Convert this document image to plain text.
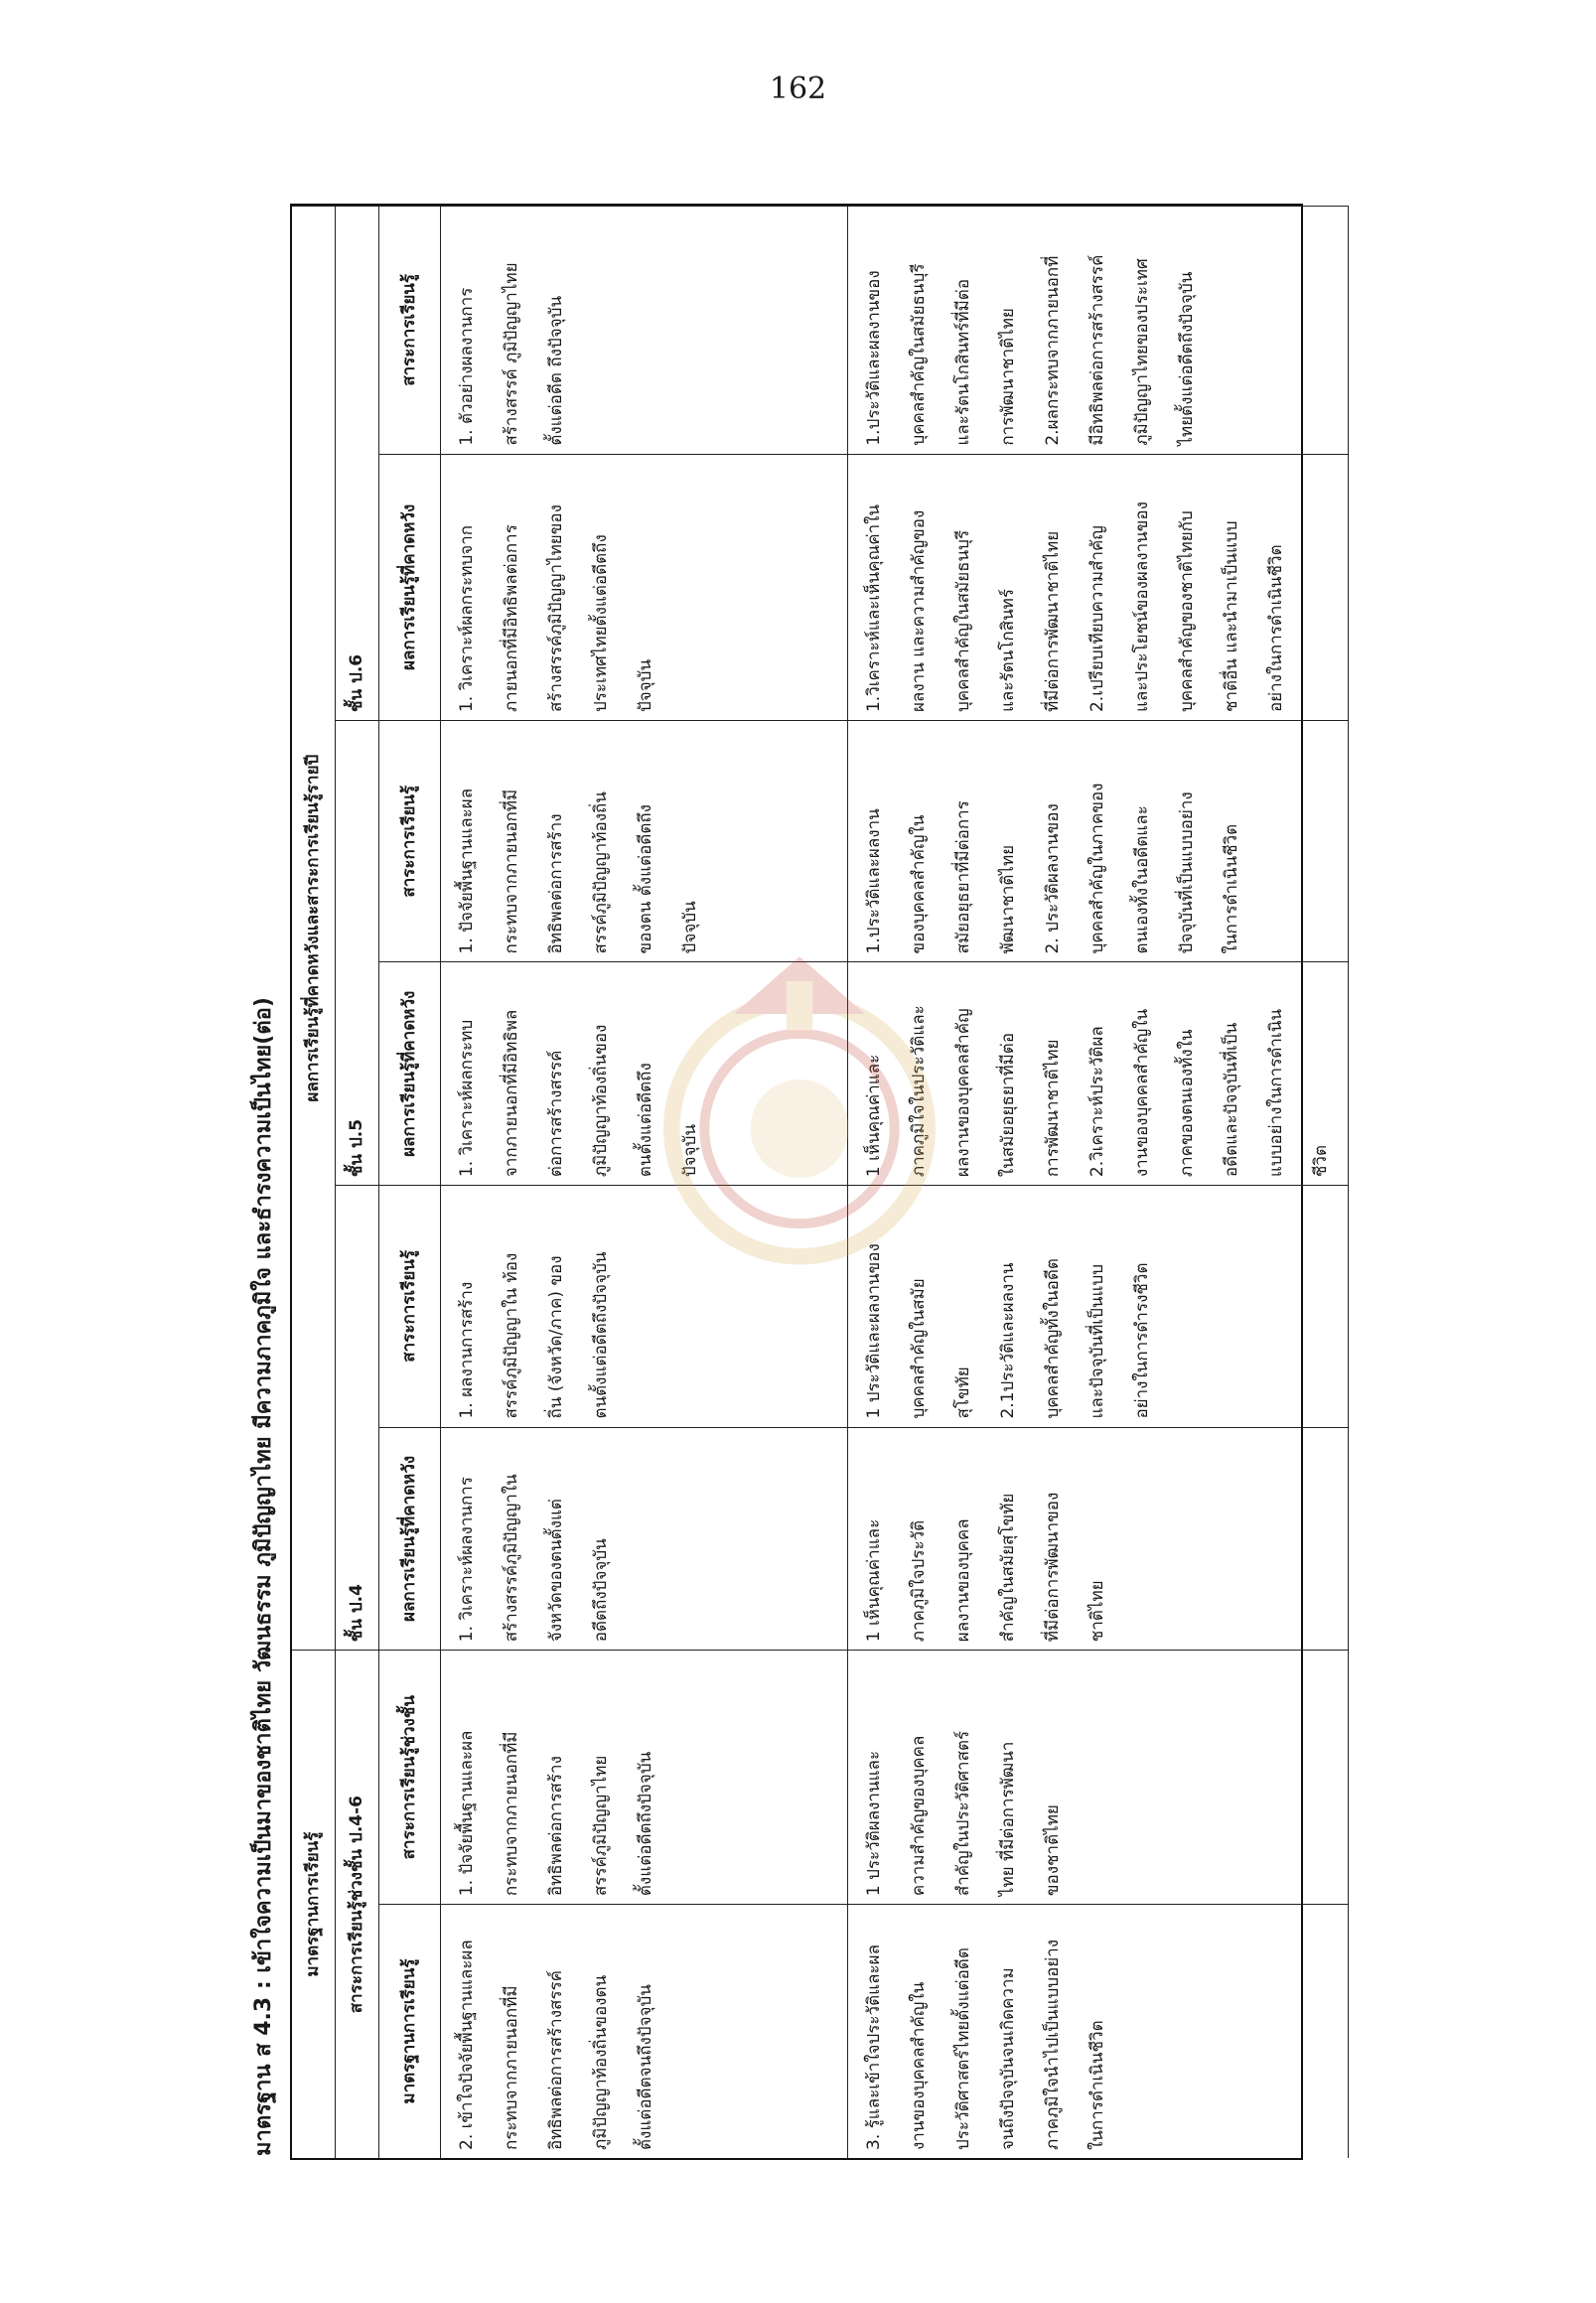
162
มาตรฐาน ส 4.3 : เข้าใจความเป็นมาของชาติไทย วัฒนธรรม ภูมิปัญญาไทย มีความภาคภูมิใจ และธำรงความเป็นไทย(ต่อ)	มาตรฐานการเรียนรู้
ผลการเรียนรู้ที่คาดหวังและสาระการเรียนรู้รายปี
สาระการเรียนรู้ช่วงชั้น ป.4-6
ชั้น ป.4
ชั้น ป.5
ชั้น ป.6
มาตรฐานการเรียนรู้
สาระการเรียนรู้ช่วงชั้น
ผลการเรียนรู้ที่คาดหวัง
สาระการเรียนรู้
ผลการเรียนรู้ที่คาดหวัง
สาระการเรียนรู้
ผลการเรียนรู้ที่คาดหวัง
สาระการเรียนรู้
2. เข้าใจปัจจัยพื้นฐานและผล
กระทบจากภายนอกที่มี
อิทธิพลต่อการสร้างสรรค์
ภูมิปัญญาท้องถิ่นของตน
ตั้งแต่อดีตจนถึงปัจจุบัน
1. ปัจจัยพื้นฐานและผล
กระทบจากภายนอกที่มี
อิทธิพลต่อการสร้าง
สรรค์ภูมิปัญญาไทย
ตั้งแต่อดีตถึงปัจจุบัน
1. วิเคราะห์ผลงานการ
สร้างสรรค์ภูมิปัญญาใน
จังหวัดของตนตั้งแต่
อดีตถึงปัจจุบัน
1. ผลงานการสร้าง
สรรค์ภูมิปัญญาใน ท้อง
ถิ่น (จังหวัด/ภาค) ของ
ตนตั้งแต่อดีตถึงปัจจุบัน
1. วิเคราะห์ผลกระทบ
จากภายนอกที่มีอิทธิพล
ต่อการสร้างสรรค์
ภูมิปัญญาท้องถิ่นของ
ตนตั้งแต่อดีตถึง
ปัจจุบัน
1. ปัจจัยพื้นฐานและผล
กระทบจากภายนอกที่มี
อิทธิพลต่อการสร้าง
สรรค์ภูมิปัญญาท้องถิ่น
ของตน ตั้งแต่อดีตถึง
ปัจจุบัน
1. วิเคราะห์ผลกระทบจาก
ภายนอกที่มีอิทธิพลต่อการ
สร้างสรรค์ภูมิปัญญาไทยของ
ประเทศไทยตั้งแต่อดีตถึง
ปัจจุบัน
1. ตัวอย่างผลงานการ
สร้างสรรค์ ภูมิปัญญาไทย
ตั้งแต่อดีต ถึงปัจจุบัน
3. รู้และเข้าใจประวัติและผล
งานของบุคคลสำคัญใน
ประวัติศาสตร์ไทยตั้งแต่อดีต
จนถึงปัจจุบันจนเกิดความ
ภาคภูมิใจนำไปเป็นแบบอย่าง
ในการดำเนินชีวิต
1 ประวัติผลงานและ
ความสำคัญของบุคคล
สำคัญในประวัติศาสตร์
ไทย ที่มีต่อการพัฒนา
ของชาติไทย
1 เห็นคุณค่าและ
ภาคภูมิใจประวัติ
ผลงานของบุคคล
สำคัญในสมัยสุโขทัย
ที่มีต่อการพัฒนาของ
ชาติไทย
1 ประวัติและผลงานของ
บุคคลสำคัญในสมัย
สุโขทัย
2.1ประวัติและผลงาน
บุคคลสำคัญทั้งในอดีต
และปัจจุบันที่เป็นแบบ
อย่างในการดำรงชีวิต
1 เห็นคุณค่าและ
ภาคภูมิใจในประวัติและ
ผลงานของบุคคลสำคัญ
ในสมัยอยุธยาที่มีต่อ
การพัฒนาชาติไทย
2.วิเคราะห์ประวัติผล
งานของบุคคลสำคัญใน
ภาคของตนเองทั้งใน
อดีตและปัจจุบันที่เป็น
แบบอย่างในการดำเนิน
ชีวิต
1.ประวัติและผลงาน
ของบุคคลสำคัญใน
สมัยอยุธยาที่มีต่อการ
พัฒนาชาติไทย
2. ประวัติผลงานของ
บุคคลสำคัญในภาคของ
ตนเองทั้งในอดีตและ
ปัจจุบันที่เป็นแบบอย่าง
ในการดำเนินชีวิต
1.วิเคราะห์และเห็นคุณค่าใน
ผลงาน และความสำคัญของ
บุคคลสำคัญในสมัยธนบุรี
และรัตนโกสินทร์
ที่มีต่อการพัฒนาชาติไทย
2.เปรียบเทียบความสำคัญ
และประโยชน์ของผลงานของ
บุคคลสำคัญของชาติไทยกับ
ชาติอื่น และนำมาเป็นแบบ
อย่างในการดำเนินชีวิต
1.ประวัติและผลงานของ
บุคคลสำคัญในสมัยธนบุรี
และรัตนโกสินทร์ที่มีต่อ
การพัฒนาชาติไทย
2.ผลกระทบจากภายนอกที่
มีอิทธิพลต่อการสร้างสรรค์
ภูมิปัญญาไทยของประเทศ
ไทยตั้งแต่อดีตถึงปัจจุบัน
